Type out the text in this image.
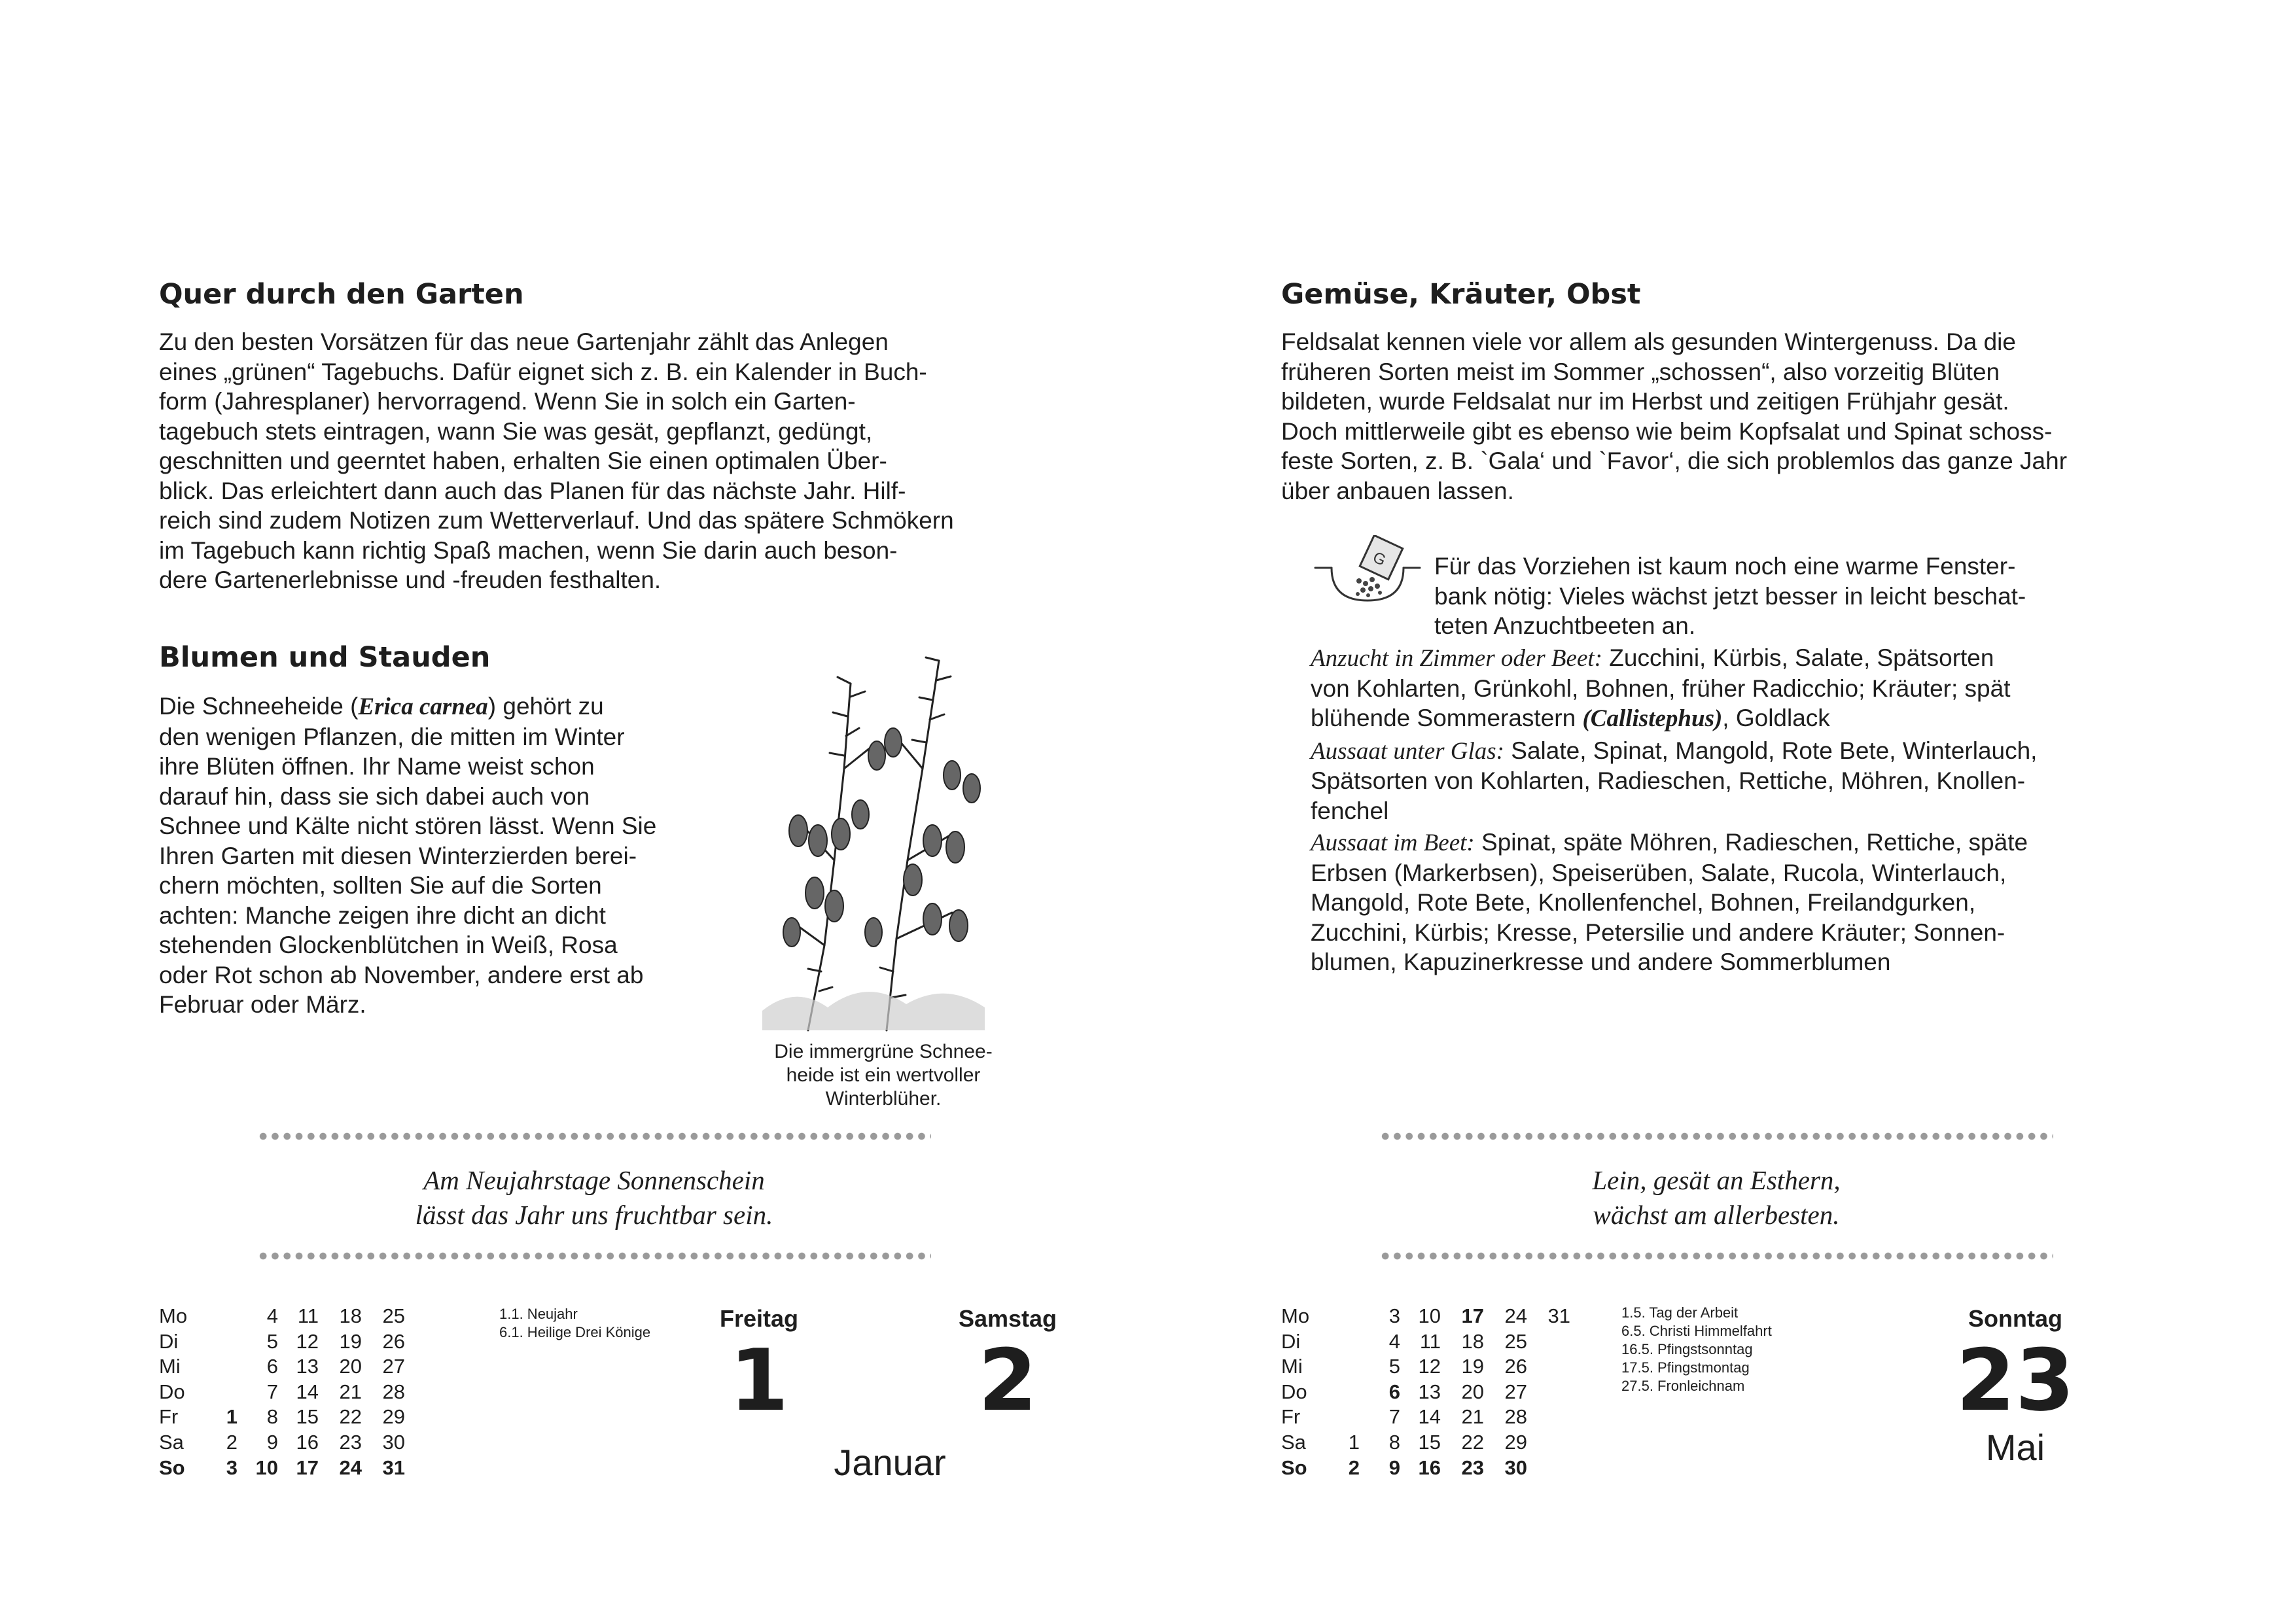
Quer durch den Garten
Zu den besten Vorsätzen für das neue Gartenjahr zählt das Anlegen
eines „grünen“ Tagebuchs. Dafür eignet sich z. B. ein Kalender in Buch-
form (Jahresplaner) hervorragend. Wenn Sie in solch ein Garten-
tagebuch stets eintragen, wann Sie was gesät, gepflanzt, gedüngt,
geschnitten und geerntet haben, erhalten Sie einen optimalen Über-
blick. Das erleichtert dann auch das Planen für das nächste Jahr. Hilf-
reich sind zudem Notizen zum Wetterverlauf. Und das spätere Schmökern
im Tagebuch kann richtig Spaß machen, wenn Sie darin auch beson-
dere Gartenerlebnisse und -freuden festhalten.
Blumen und Stauden
Die Schneeheide (Erica carnea) gehört zu
den wenigen Pflanzen, die mitten im Winter
ihre Blüten öffnen. Ihr Name weist schon
darauf hin, dass sie sich dabei auch von
Schnee und Kälte nicht stören lässt. Wenn Sie
Ihren Garten mit diesen Winterzierden berei-
chern möchten, sollten Sie auf die Sorten
achten: Manche zeigen ihre dicht an dicht
stehenden Glockenblütchen in Weiß, Rosa
oder Rot schon ab November, andere erst ab
Februar oder März.
Die immergrüne Schnee-
heide ist ein wertvoller
Winterblüher.
Am Neujahrstage Sonnenschein
lässt das Jahr uns fruchtbar sein.
Mo		4	11	18	25
Di		5	12	19	26
Mi		6	13	20	27
Do		7	14	21	28
Fr	1	8	15	22	29
Sa	2	9	16	23	30
So	3	10	17	24	31
1.1. Neujahr
6.1. Heilige Drei Könige
Freitag
1
Samstag
2
Januar
Gemüse, Kräuter, Obst
Feldsalat kennen viele vor allem als gesunden Wintergenuss. Da die
früheren Sorten meist im Sommer „schossen“, also vorzeitig Blüten
bildeten, wurde Feldsalat nur im Herbst und zeitigen Frühjahr gesät.
Doch mittlerweile gibt es ebenso wie beim Kopfsalat und Spinat schoss-
feste Sorten, z. B. `Gala‘ und `Favor‘, die sich problemlos das ganze Jahr
über anbauen lassen.
G Für das Vorziehen ist kaum noch eine warme Fenster-
bank nötig: Vieles wächst jetzt besser in leicht beschat-
teten Anzuchtbeeten an.
Anzucht in Zimmer oder Beet: Zucchini, Kürbis, Salate, Spätsorten
von Kohlarten, Grünkohl, Bohnen, früher Radicchio; Kräuter; spät
blühende Sommerastern (Callistephus), Goldlack
Aussaat unter Glas: Salate, Spinat, Mangold, Rote Bete, Winterlauch,
Spätsorten von Kohlarten, Radieschen, Rettiche, Möhren, Knollen-
fenchel
Aussaat im Beet: Spinat, späte Möhren, Radieschen, Rettiche, späte
Erbsen (Markerbsen), Speiserüben, Salate, Rucola, Winterlauch,
Mangold, Rote Bete, Knollenfenchel, Bohnen, Freilandgurken,
Zucchini, Kürbis; Kresse, Petersilie und andere Kräuter; Sonnen-
blumen, Kapuzinerkresse und andere Sommerblumen
Lein, gesät an Esthern,
wächst am allerbesten.
Mo		3	10	17	24	31
Di		4	11	18	25	
Mi		5	12	19	26	
Do		6	13	20	27	
Fr		7	14	21	28	
Sa	1	8	15	22	29	
So	2	9	16	23	30	
1.5. Tag der Arbeit
6.5. Christi Himmelfahrt
16.5. Pfingstsonntag
17.5. Pfingstmontag
27.5. Fronleichnam
Sonntag
23
Mai
